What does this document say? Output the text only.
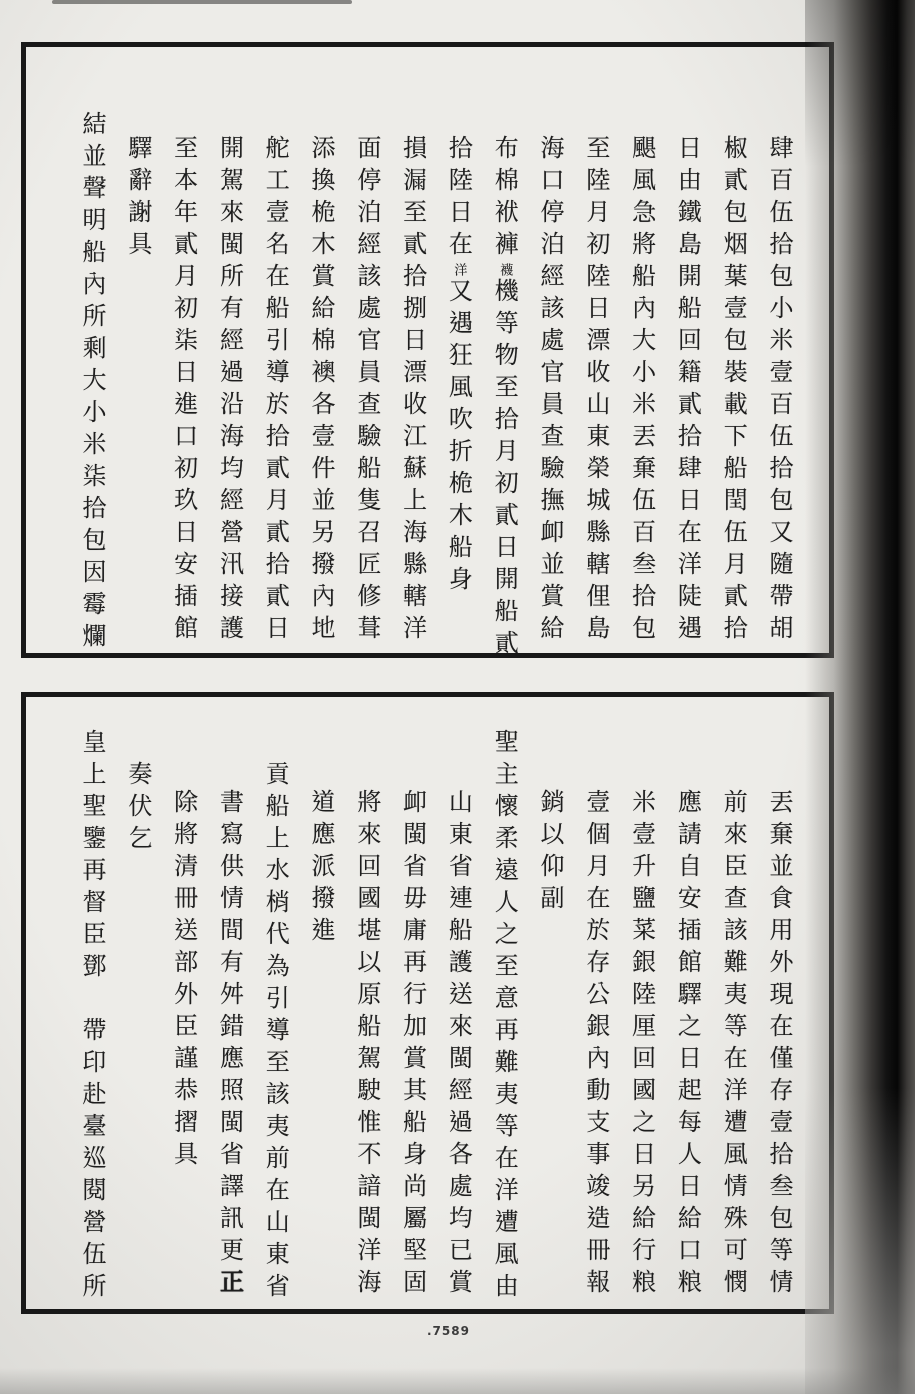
肆百伍拾包小米壹百伍拾包又隨帶胡
椒貳包烟葉壹包裝載下船閏伍月貳拾
日由鐵島開船回籍貳拾肆日在洋陡遇
颶風急將船內大小米丟棄伍百叁拾包
至陸月初陸日漂收山東榮城縣轄俚島
海口停泊經該處官員查驗撫卹並賞給
布棉袱褲襪機等物至拾月初貳日開船貳
拾陸日在洋又遇狂風吹折桅木船身
損漏至貳拾捌日漂收江蘇上海縣轄洋
面停泊經該處官員查驗船隻召匠修葺
添換桅木賞給棉襖各壹件並另撥內地
舵工壹名在船引導於拾貳月貳拾貳日
開駕來閩所有經過沿海均經營汛接護
至本年貳月初柒日進口初玖日安插館
驛辭謝具
結並聲明船內所剩大小米柒拾包因霉爛
丟棄並食用外現在僅存壹拾叁包等情
前來臣查該難夷等在洋遭風情殊可憫
應請自安插館驛之日起每人日給口粮
米壹升鹽菜銀陸厘回國之日另給行粮
壹個月在於存公銀內動支事竣造冊報
銷以仰副
聖主懷柔遠人之至意再難夷等在洋遭風由
山東省連船護送來閩經過各處均已賞
卹閩省毋庸再行加賞其船身尚屬堅固
將來回國堪以原船駕駛惟不諳閩洋海
道應派撥進
貢船上水梢代為引導至該夷前在山東省
書寫供情間有舛錯應照閩省譯訊更正
除將清冊送部外臣謹恭摺具
奏伏乞
皇上聖鑒再督臣鄧　帶印赴臺巡閱營伍所
.7589
